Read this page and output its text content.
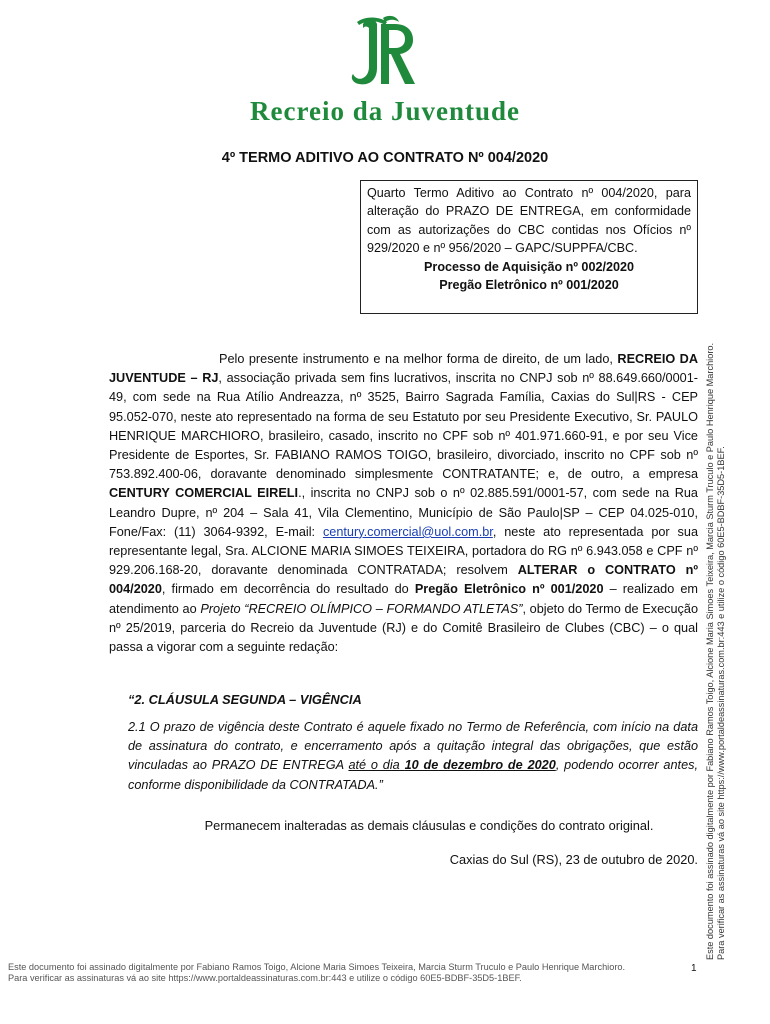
Recreio da Juventude
4º TERMO ADITIVO AO CONTRATO Nº 004/2020

Quarto Termo Aditivo ao Contrato nº 004/2020, para alteração do PRAZO DE ENTREGA, em conformidade com as autorizações do CBC contidas nos Ofícios nº 929/2020 e nº 956/2020 – GAPC/SUPPFA/CBC.

Processo de Aquisição nº 002/2020

Pregão Eletrônico nº 001/2020

Pelo presente instrumento e na melhor forma de direito, de um lado, RECREIO DA JUVENTUDE – RJ, associação privada sem fins lucrativos, inscrita no CNPJ sob nº 88.649.660/0001-49, com sede na Rua Atílio Andreazza, nº 3525, Bairro Sagrada Família, Caxias do Sul|RS - CEP 95.052-070, neste ato representado na forma de seu Estatuto por seu Presidente Executivo, Sr. PAULO HENRIQUE MARCHIORO, brasileiro, casado, inscrito no CPF sob nº 401.971.660-91, e por seu Vice Presidente de Esportes, Sr. FABIANO RAMOS TOIGO, brasileiro, divorciado, inscrito no CPF sob nº 753.892.400-06, doravante denominado simplesmente CONTRATANTE; e, de outro, a empresa CENTURY COMERCIAL EIRELI., inscrita no CNPJ sob o nº 02.885.591/0001-57, com sede na Rua Leandro Dupre, nº 204 – Sala 41, Vila Clementino, Município de São Paulo|SP – CEP 04.025-010, Fone/Fax: (11) 3064-9392, E-mail: century.comercial@uol.com.br, neste ato representada por sua representante legal, Sra. ALCIONE MARIA SIMOES TEIXEIRA, portadora do RG nº 6.943.058 e CPF nº 929.206.168-20, doravante denominada CONTRATADA; resolvem ALTERAR o CONTRATO nº 004/2020, firmado em decorrência do resultado do Pregão Eletrônico nº 001/2020 – realizado em atendimento ao Projeto “RECREIO OLÍMPICO – FORMANDO ATLETAS”, objeto do Termo de Execução nº 25/2019, parceria do Recreio da Juventude (RJ) e do Comitê Brasileiro de Clubes (CBC) – o qual passa a vigorar com a seguinte redação:
“2. CLÁUSULA SEGUNDA – VIGÊNCIA
2.1 O prazo de vigência deste Contrato é aquele fixado no Termo de Referência, com início na data de assinatura do contrato, e encerramento após a quitação integral das obrigações, que estão vinculadas ao PRAZO DE ENTREGA até o dia 10 de dezembro de 2020, podendo ocorrer antes, conforme disponibilidade da CONTRATADA.”
Permanecem inalteradas as demais cláusulas e condições do contrato original.
Caxias do Sul (RS), 23 de outubro de 2020. Este documento foi assinado digitalmente por Fabiano Ramos Toigo, Alcione Maria Simoes Teixeira, Marcia Sturm Truculo e Paulo Henrique Marchioro. Para verificar as assinaturas vá ao site https://www.portaldeassinaturas.com.br:443 e utilize o código 60E5-BDBF-35D5-1BEF.
Este documento foi assinado digitalmente por Fabiano Ramos Toigo, Alcione Maria Simoes Teixeira, Marcia Sturm Truculo e Paulo Henrique Marchioro.
Para verificar as assinaturas vá ao site https://www.portaldeassinaturas.com.br:443 e utilize o código 60E5-BDBF-35D5-1BEF.
1
